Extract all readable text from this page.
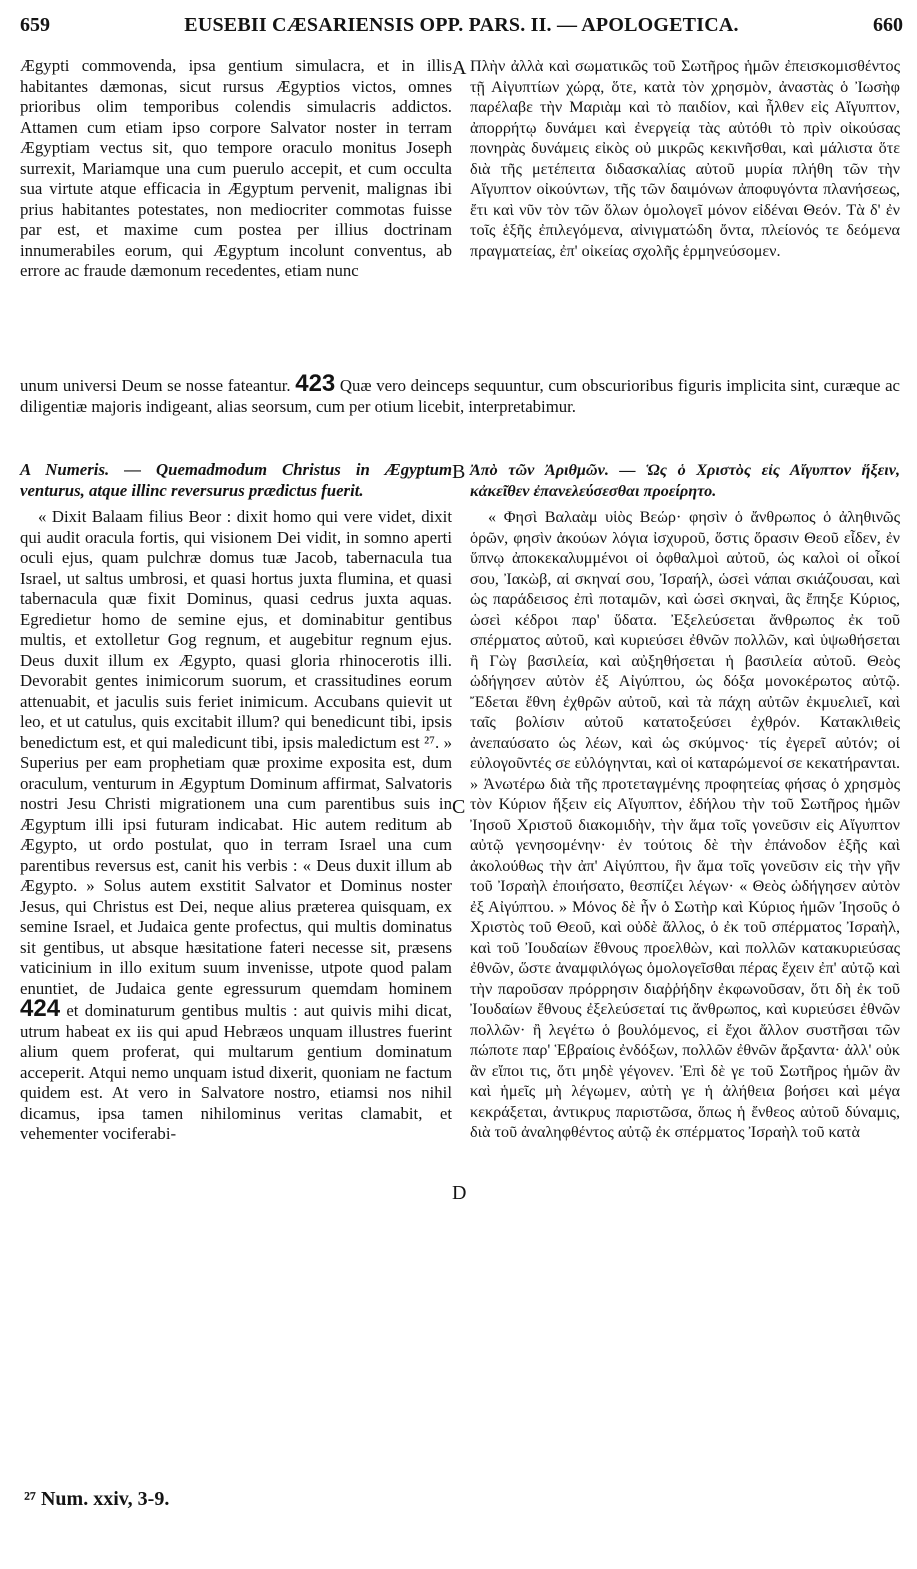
659	EUSEBII CÆSARIENSIS OPP. PARS. II. — APOLOGETICA.	660

Ægypti commovenda, ipsa gentium simulacra, et in illis habitantes dæmonas, sicut rursus Ægyptios victos, omnes prioribus olim temporibus colendis simulacris addictos. Attamen cum etiam ipso corpore Salvator noster in terram Ægyptiam vectus sit, quo tempore oraculo monitus Joseph surrexit, Mariamque una cum puerulo accepit, et cum occulta sua virtute atque efficacia in Ægyptum pervenit, malignas ibi prius habitantes potestates, non mediocriter commotas fuisse par est, et maxime cum postea per illius doctrinam innumerabiles eorum, qui Ægyptum incolunt conventus, ab errore ac fraude dæmonum recedentes, etiam nunc

A Πλὴν ἀλλὰ καὶ σωματικῶς τοῦ Σωτῆρος ἡμῶν ἐπεισκομισθέντος τῇ Αἰγυπτίων χώρᾳ, ὅτε, κατὰ τὸν χρησμὸν, ἀναστὰς ὁ Ἰωσὴφ παρέλαβε τὴν Μαριὰμ καὶ τὸ παιδίον, καὶ ἦλθεν εἰς Αἴγυπτον, ἀπορρήτῳ δυνάμει καὶ ἐνεργείᾳ τὰς αὐτόθι τὸ πρὶν οἰκούσας πονηρὰς δυνάμεις εἰκὸς οὐ μικρῶς κεκινῆσθαι, καὶ μάλιστα ὅτε διὰ τῆς μετέπειτα διδασκαλίας αὐτοῦ μυρία πλήθη τῶν τὴν Αἴγυπτον οἰκούντων, τῆς τῶν δαιμόνων ἀποφυγόντα πλανήσεως, ἔτι καὶ νῦν τὸν τῶν ὅλων ὁμολογεῖ μόνον εἰδέναι Θεόν. Τὰ δ' ἐν τοῖς ἑξῆς ἐπιλεγόμενα, αἰνιγματώδη ὄντα, πλείονός τε δεόμενα πραγματείας, ἐπ' οἰκείας σχολῆς ἑρμηνεύσομεν.

unum universi Deum se nosse fateantur. 423 Quæ vero deinceps sequuntur, cum obscurioribus figuris implicita sint, curæque ac diligentiæ majoris indigeant, alias seorsum, cum per otium licebit, interpretabimur.

A Numeris. — Quemadmodum Christus in Ægyptum venturus, atque illinc reversurus prædictus fuerit.

« Dixit Balaam filius Beor : dixit homo qui vere videt, dixit qui audit oracula fortis, qui visionem Dei vidit, in somno aperti oculi ejus, quam pulchræ domus tuæ Jacob, tabernacula tua Israel, ut saltus umbrosi, et quasi hortus juxta flumina, et quasi tabernacula quæ fixit Dominus, quasi cedrus juxta aquas. Egredietur homo de semine ejus, et dominabitur gentibus multis, et extolletur Gog regnum, et augebitur regnum ejus. Deus duxit illum ex Ægypto, quasi gloria rhinocerotis illi. Devorabit gentes inimicorum suorum, et crassitudines eorum attenuabit, et jaculis suis feriet inimicum. Accubans quievit ut leo, et ut catulus, quis excitabit illum? qui benedicunt tibi, ipsis benedictum est, et qui maledicunt tibi, ipsis maledictum est ²⁷. » Superius per eam prophetiam quæ proxime exposita est, dum oraculum, venturum in Ægyptum Dominum affirmat, Salvatoris nostri Jesu Christi migrationem una cum parentibus suis in Ægyptum illi ipsi futuram indicabat. Hic autem reditum ab Ægypto, ut ordo postulat, quo in terram Israel una cum parentibus reversus est, canit his verbis : « Deus duxit illum ab Ægypto. » Solus autem exstitit Salvator et Dominus noster Jesus, qui Christus est Dei, neque alius præterea quisquam, ex semine Israel, et Judaica gente profectus, qui multis dominatus sit gentibus, ut absque hæsitatione fateri necesse sit, præsens vaticinium in illo exitum suum invenisse, utpote quod palam enuntiet, de Judaica gente egressurum quemdam hominem 424 et dominaturum gentibus multis : aut quivis mihi dicat, utrum habeat ex iis qui apud Hebræos unquam illustres fuerint alium quem proferat, qui multarum gentium dominatum acceperit. Atqui nemo unquam istud dixerit, quoniam ne factum quidem est. At vero in Salvatore nostro, etiamsi nos nihil dicamus, ipsa tamen nihilominus veritas clamabit, et vehementer vociferabi-

B
C
D

Ἀπὸ τῶν Ἀριθμῶν. — Ὡς ὁ Χριστὸς εἰς Αἴγυπτον ἥξειν, κἀκεῖθεν ἐπανελεύσεσθαι προείρητο.

« Φησὶ Βαλαὰμ υἱὸς Βεώρ· φησὶν ὁ ἄνθρωπος ὁ ἀληθινῶς ὁρῶν, φησὶν ἀκούων λόγια ἰσχυροῦ, ὅστις ὅρασιν Θεοῦ εἶδεν, ἐν ὕπνῳ ἀποκεκαλυμμένοι οἱ ὀφθαλμοὶ αὐτοῦ, ὡς καλοὶ οἱ οἶκοί σου, Ἰακὼβ, αἱ σκηναί σου, Ἰσραήλ, ὡσεὶ νάπαι σκιάζουσαι, καὶ ὡς παράδεισος ἐπὶ ποταμῶν, καὶ ὡσεὶ σκηναὶ, ἃς ἔπηξε Κύριος, ὡσεὶ κέδροι παρ' ὕδατα. Ἐξελεύσεται ἄνθρωπος ἐκ τοῦ σπέρματος αὐτοῦ, καὶ κυριεύσει ἐθνῶν πολλῶν, καὶ ὑψωθήσεται ἢ Γὼγ βασιλεία, καὶ αὐξηθήσεται ἡ βασιλεία αὐτοῦ. Θεὸς ὡδήγησεν αὐτὸν ἐξ Αἰγύπτου, ὡς δόξα μονοκέρωτος αὐτῷ. Ἔδεται ἔθνη ἐχθρῶν αὐτοῦ, καὶ τὰ πάχη αὐτῶν ἐκμυελιεῖ, καὶ ταῖς βολίσιν αὐτοῦ κατατοξεύσει ἐχθρόν. Κατακλιθεὶς ἀνεπαύσατο ὡς λέων, καὶ ὡς σκύμνος· τίς ἐγερεῖ αὐτόν; οἱ εὐλογοῦντές σε εὐλόγηνται, καὶ οἱ καταρώμενοί σε κεκατήρανται. » Ἀνωτέρω διὰ τῆς προτεταγμένης προφητείας φήσας ὁ χρησμὸς τὸν Κύριον ἥξειν εἰς Αἴγυπτον, ἐδήλου τὴν τοῦ Σωτῆρος ἡμῶν Ἰησοῦ Χριστοῦ διακομιδὴν, τὴν ἅμα τοῖς γονεῦσιν εἰς Αἴγυπτον αὐτῷ γενησομένην· ἐν τούτοις δὲ τὴν ἐπάνοδον ἑξῆς καὶ ἀκολούθως τὴν ἀπ' Αἰγύπτου, ἣν ἅμα τοῖς γονεῦσιν εἰς τὴν γῆν τοῦ Ἰσραὴλ ἐποιήσατο, θεσπίζει λέγων· « Θεὸς ὡδήγησεν αὐτὸν ἐξ Αἰγύπτου. » Μόνος δὲ ἦν ὁ Σωτὴρ καὶ Κύριος ἡμῶν Ἰησοῦς ὁ Χριστὸς τοῦ Θεοῦ, καὶ οὐδὲ ἄλλος, ὁ ἐκ τοῦ σπέρματος Ἰσραὴλ, καὶ τοῦ Ἰουδαίων ἔθνους προελθὼν, καὶ πολλῶν κατακυριεύσας ἐθνῶν, ὥστε ἀναμφιλόγως ὁμολογεῖσθαι πέρας ἔχειν ἐπ' αὐτῷ καὶ τὴν παροῦσαν πρόρρησιν διαῤῥήδην ἐκφωνοῦσαν, ὅτι δὴ ἐκ τοῦ Ἰουδαίων ἔθνους ἐξελεύσεταί τις ἄνθρωπος, καὶ κυριεύσει ἐθνῶν πολλῶν· ἢ λεγέτω ὁ βουλόμενος, εἰ ἔχοι ἄλλον συστῆσαι τῶν πώποτε παρ' Ἑβραίοις ἐνδόξων, πολλῶν ἐθνῶν ἄρξαντα· ἀλλ' οὐκ ἂν εἴποι τις, ὅτι μηδὲ γέγονεν. Ἐπὶ δὲ γε τοῦ Σωτῆρος ἡμῶν ἂν καὶ ἡμεῖς μὴ λέγωμεν, αὐτὴ γε ἡ ἀλήθεια βοήσει καὶ μέγα κεκράξεται, ἀντικρυς παριστῶσα, ὅπως ἡ ἔνθεος αὐτοῦ δύναμις, διὰ τοῦ ἀναληφθέντος αὐτῷ ἐκ σπέρματος Ἰσραὴλ τοῦ κατὰ

²⁷ Num. xxiv, 3-9.
